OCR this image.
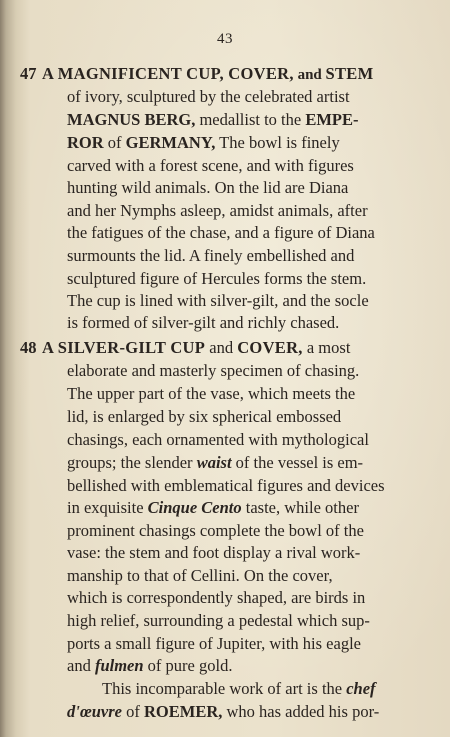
43
47 A MAGNIFICENT CUP, COVER, and STEM
of ivory, sculptured by the celebrated artist
MAGNUS BERG, medallist to the EMPE-
ROR of GERMANY, The bowl is finely
carved with a forest scene, and with figures
hunting wild animals. On the lid are Diana
and her Nymphs asleep, amidst animals, after
the fatigues of the chase, and a figure of Diana
surmounts the lid. A finely embellished and
sculptured figure of Hercules forms the stem.
The cup is lined with silver-gilt, and the socle
is formed of silver-gilt and richly chased.
48 A SILVER-GILT CUP and COVER, a most
elaborate and masterly specimen of chasing.
The upper part of the vase, which meets the
lid, is enlarged by six spherical embossed
chasings, each ornamented with mythological
groups; the slender waist of the vessel is em-
bellished with emblematical figures and devices
in exquisite Cinque Cento taste, while other
prominent chasings complete the bowl of the
vase: the stem and foot display a rival work-
manship to that of Cellini. On the cover,
which is correspondently shaped, are birds in
high relief, surrounding a pedestal which sup-
ports a small figure of Jupiter, with his eagle
and fulmen of pure gold.
This incomparable work of art is the chef
d'œuvre of ROEMER, who has added his por-
